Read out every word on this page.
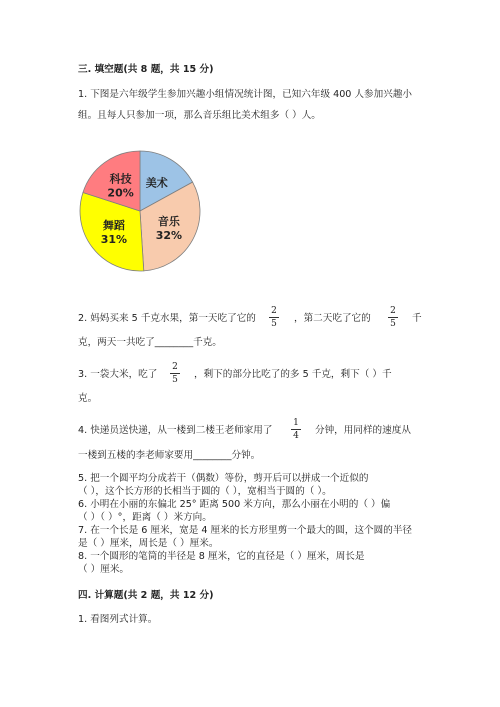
三. 填空题(共 8 题，共 15 分)
1. 下图是六年级学生参加兴趣小组情况统计图，已知六年级 400 人参加兴趣小
组。且每人只参加一项，那么音乐组比美术组多（ ）人。
美术
音乐
32%
舞蹈
31%
科技
20%
2. 妈妈买来 5 千克水果，第一天吃了它的
2
5	，第二天吃了它的
2
5	千
克，两天一共吃了________千克。
3. 一袋大米，吃了
2
5	，剩下的部分比吃了的多 5 千克，剩下（ ）千
克。
4. 快递员送快递，从一楼到二楼王老师家用了
1
4	分钟，用同样的速度从
一楼到五楼的李老师家要用________分钟。
5. 把一个圆平均分成若干（偶数）等份，剪开后可以拼成一个近似的
（ ），这个长方形的长相当于圆的（ ），宽相当于圆的（ ）。
6. 小明在小丽的东偏北 25° 距离 500 米方向，那么小丽在小明的（ ）偏
（ ）（ ）°，距离（ ）米方向。
7. 在一个长是 6 厘米，宽是 4 厘米的长方形里剪一个最大的圆，这个圆的半径
是（ ）厘米，周长是（ ）厘米。
8. 一个圆形的笔筒的半径是 8 厘米，它的直径是（ ）厘米，周长是
（ ）厘米。
四. 计算题(共 2 题，共 12 分)
1. 看图列式计算。
